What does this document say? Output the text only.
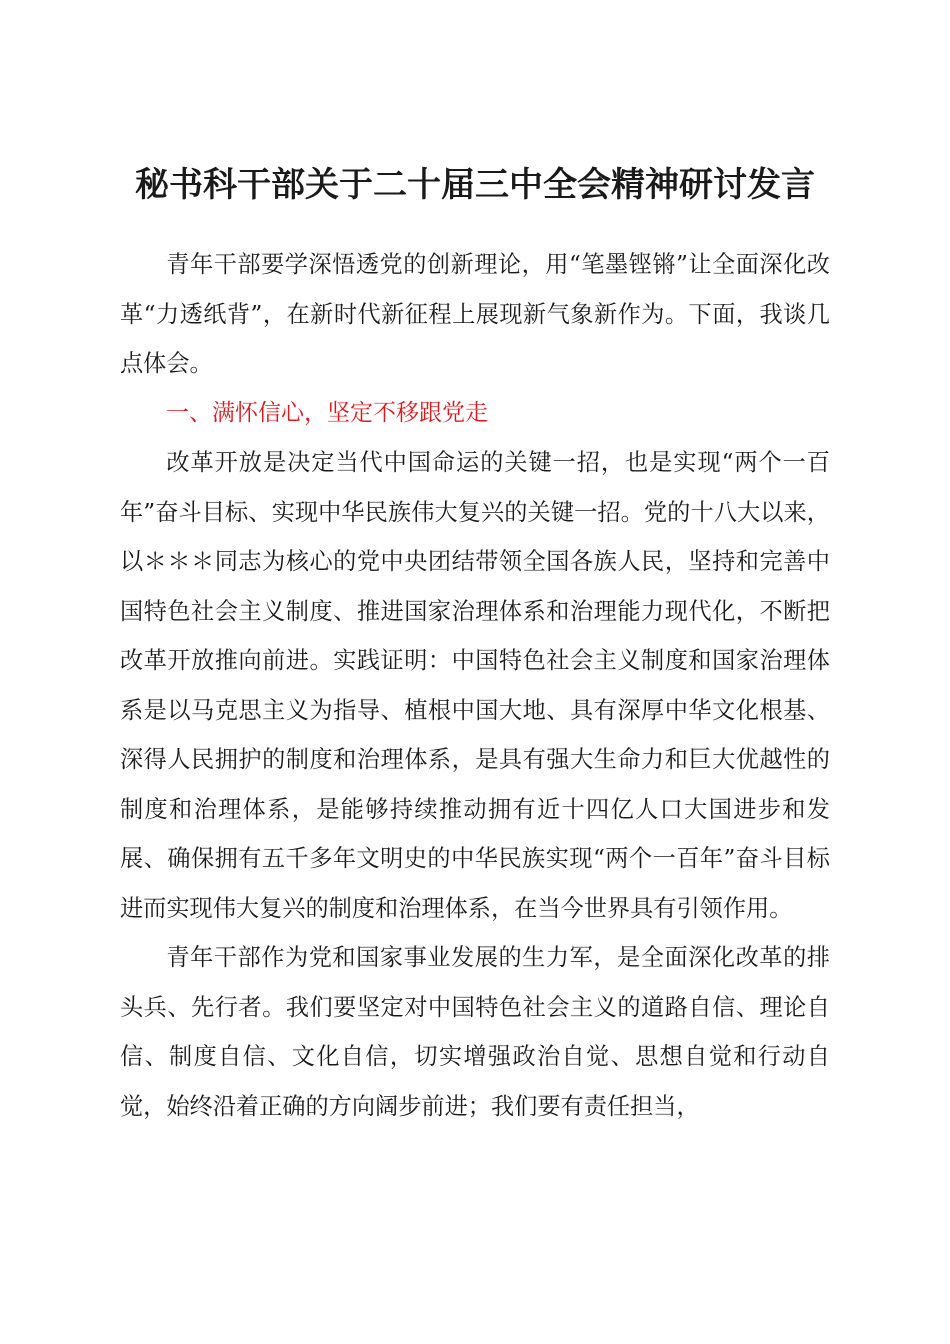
秘书科干部关于二十届三中全会精神研讨发言

青年干部要学深悟透党的创新理论，用“笔墨铿锵”让全面深化改革“力透纸背”，在新时代新征程上展现新气象新作为。下面，我谈几点体会。

一、满怀信心，坚定不移跟党走

改革开放是决定当代中国命运的关键一招，也是实现“两个一百年”奋斗目标、实现中华民族伟大复兴的关键一招。党的十八大以来，以＊＊＊同志为核心的党中央团结带领全国各族人民，坚持和完善中国特色社会主义制度、推进国家治理体系和治理能力现代化，不断把改革开放推向前进。实践证明：中国特色社会主义制度和国家治理体系是以马克思主义为指导、植根中国大地、具有深厚中华文化根基、深得人民拥护的制度和治理体系，是具有强大生命力和巨大优越性的制度和治理体系，是能够持续推动拥有近十四亿人口大国进步和发展、确保拥有五千多年文明史的中华民族实现“两个一百年”奋斗目标进而实现伟大复兴的制度和治理体系，在当今世界具有引领作用。

青年干部作为党和国家事业发展的生力军，是全面深化改革的排头兵、先行者。我们要坚定对中国特色社会主义的道路自信、理论自信、制度自信、文化自信，切实增强政治自觉、思想自觉和行动自觉，始终沿着正确的方向阔步前进；我们要有责任担当，
